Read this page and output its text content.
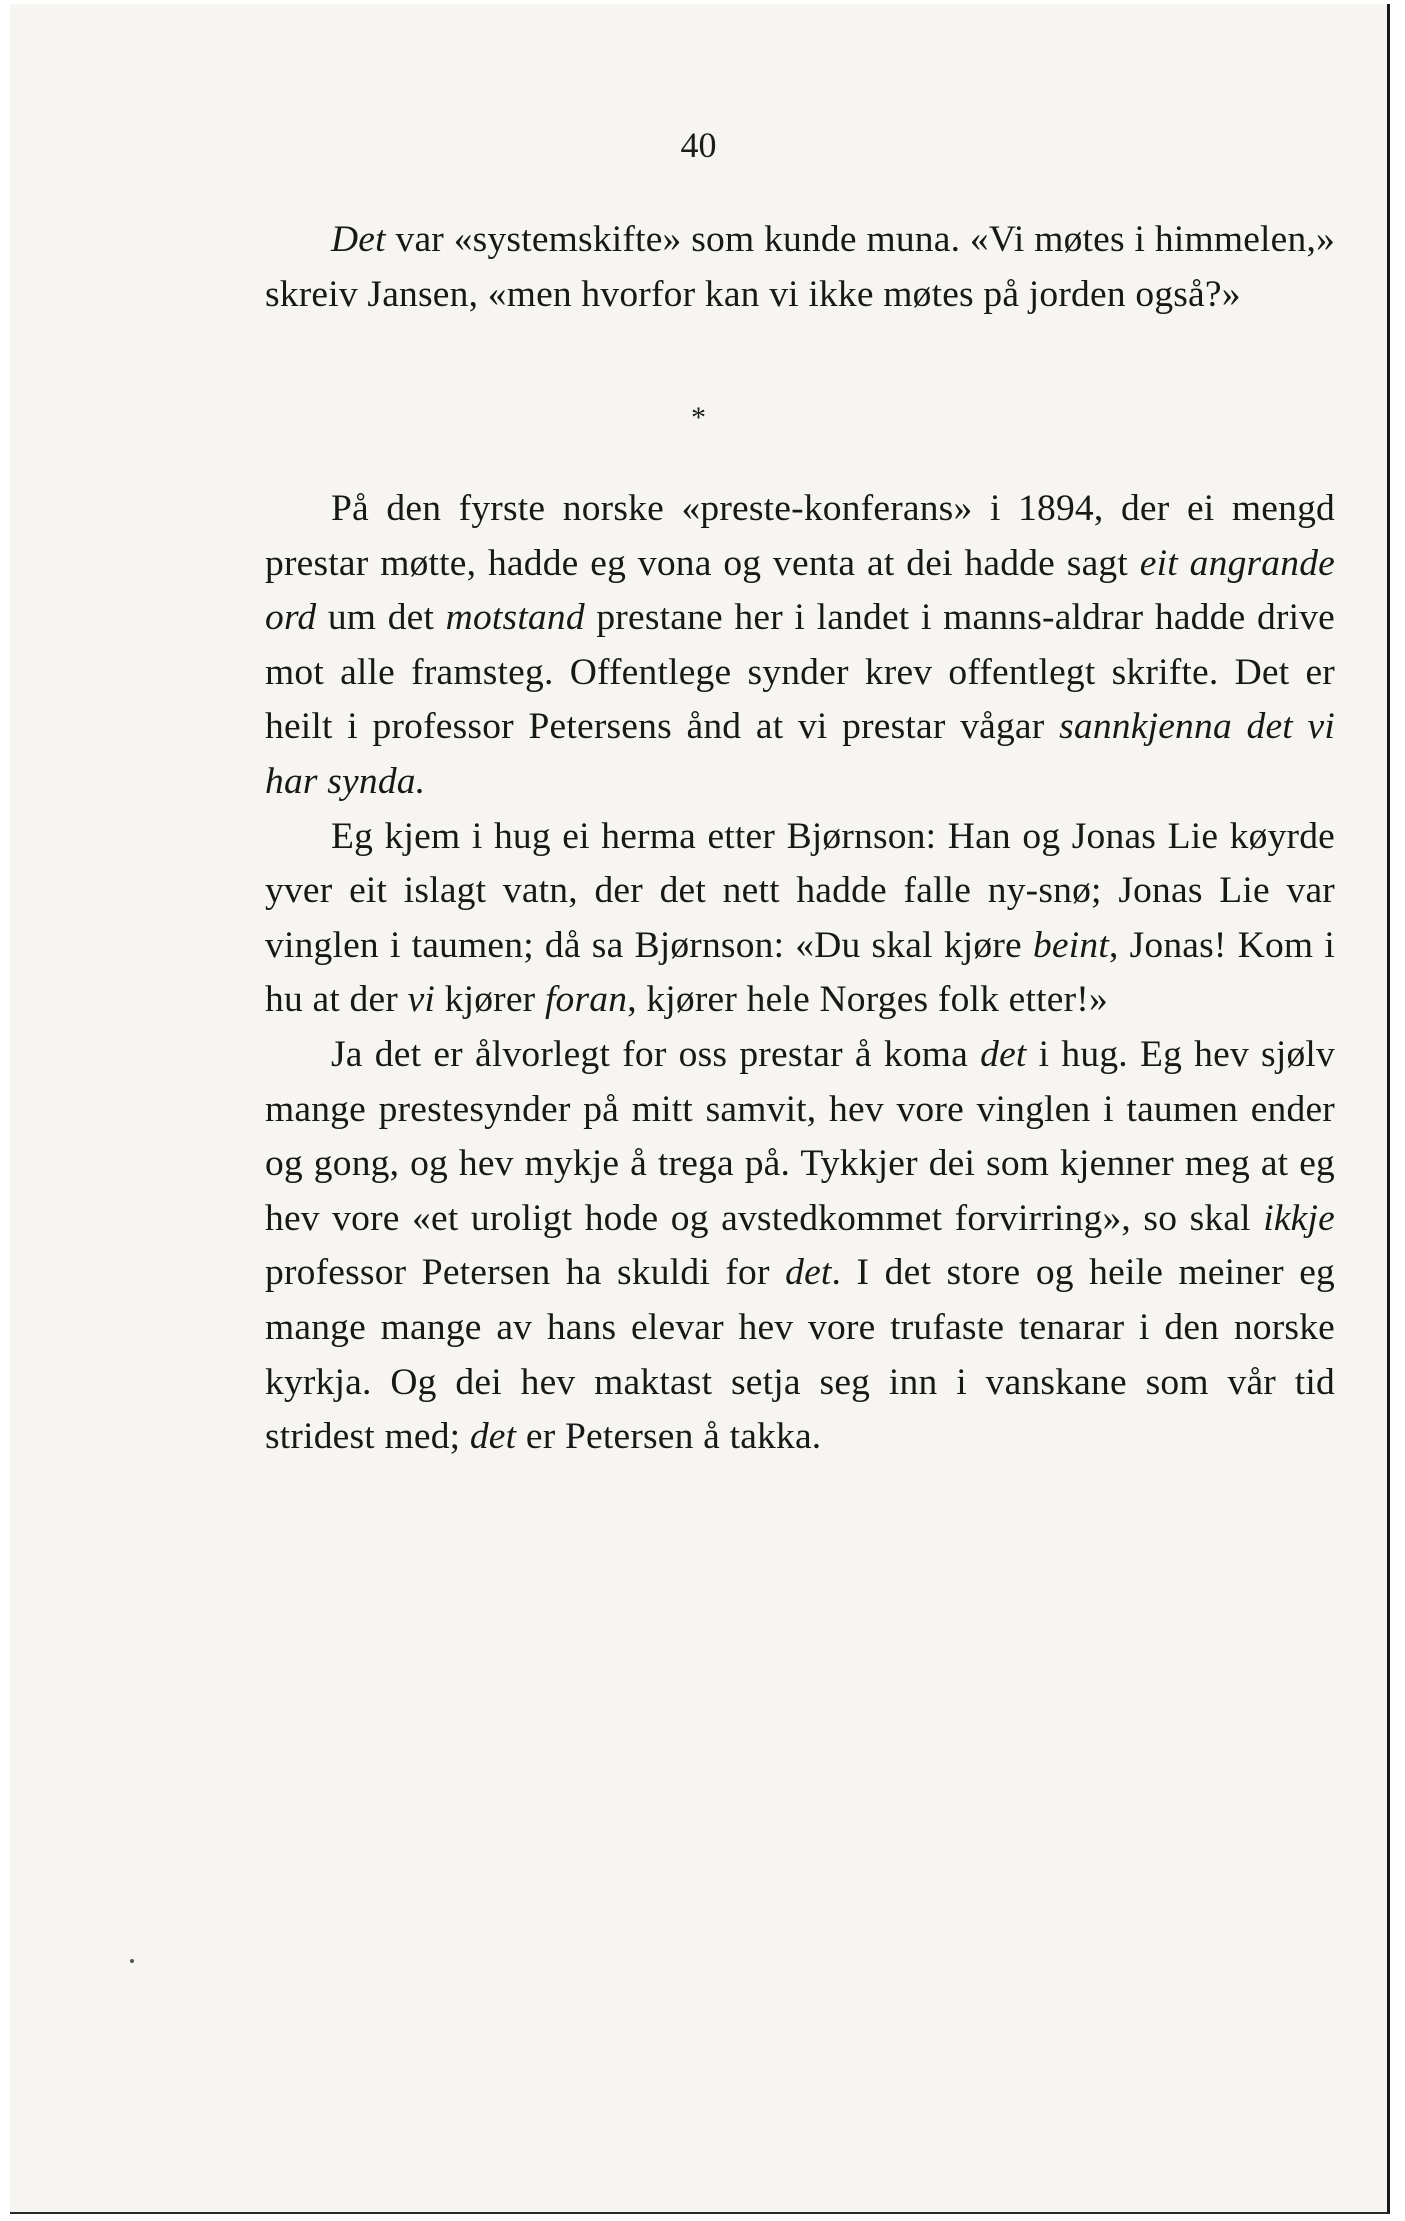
40

Det var «systemskifte» som kunde muna. «Vi møtes i himmelen,» skreiv Jansen, «men hvorfor kan vi ikke møtes på jorden også?»

*

På den fyrste norske «preste-konferans» i 1894, der ei mengd prestar møtte, hadde eg vona og venta at dei hadde sagt eit angrande ord um det motstand prestane her i landet i manns-aldrar hadde drive mot alle framsteg. Offentlege synder krev offentlegt skrifte. Det er heilt i professor Petersens ånd at vi prestar vågar sannkjenna det vi har synda.

Eg kjem i hug ei herma etter Bjørnson: Han og Jonas Lie køyrde yver eit islagt vatn, der det nett hadde falle ny-snø; Jonas Lie var vinglen i taumen; då sa Bjørnson: «Du skal kjøre beint, Jonas! Kom i hu at der vi kjører foran, kjører hele Norges folk etter!»

Ja det er ålvorlegt for oss prestar å koma det i hug. Eg hev sjølv mange prestesynder på mitt samvit, hev vore vinglen i taumen ender og gong, og hev mykje å trega på. Tykkjer dei som kjenner meg at eg hev vore «et uroligt hode og avstedkommet forvirring», so skal ikkje professor Petersen ha skuldi for det. I det store og heile meiner eg mange mange av hans elevar hev vore trufaste tenarar i den norske kyrkja. Og dei hev maktast setja seg inn i vanskane som vår tid stridest med; det er Petersen å takka.
